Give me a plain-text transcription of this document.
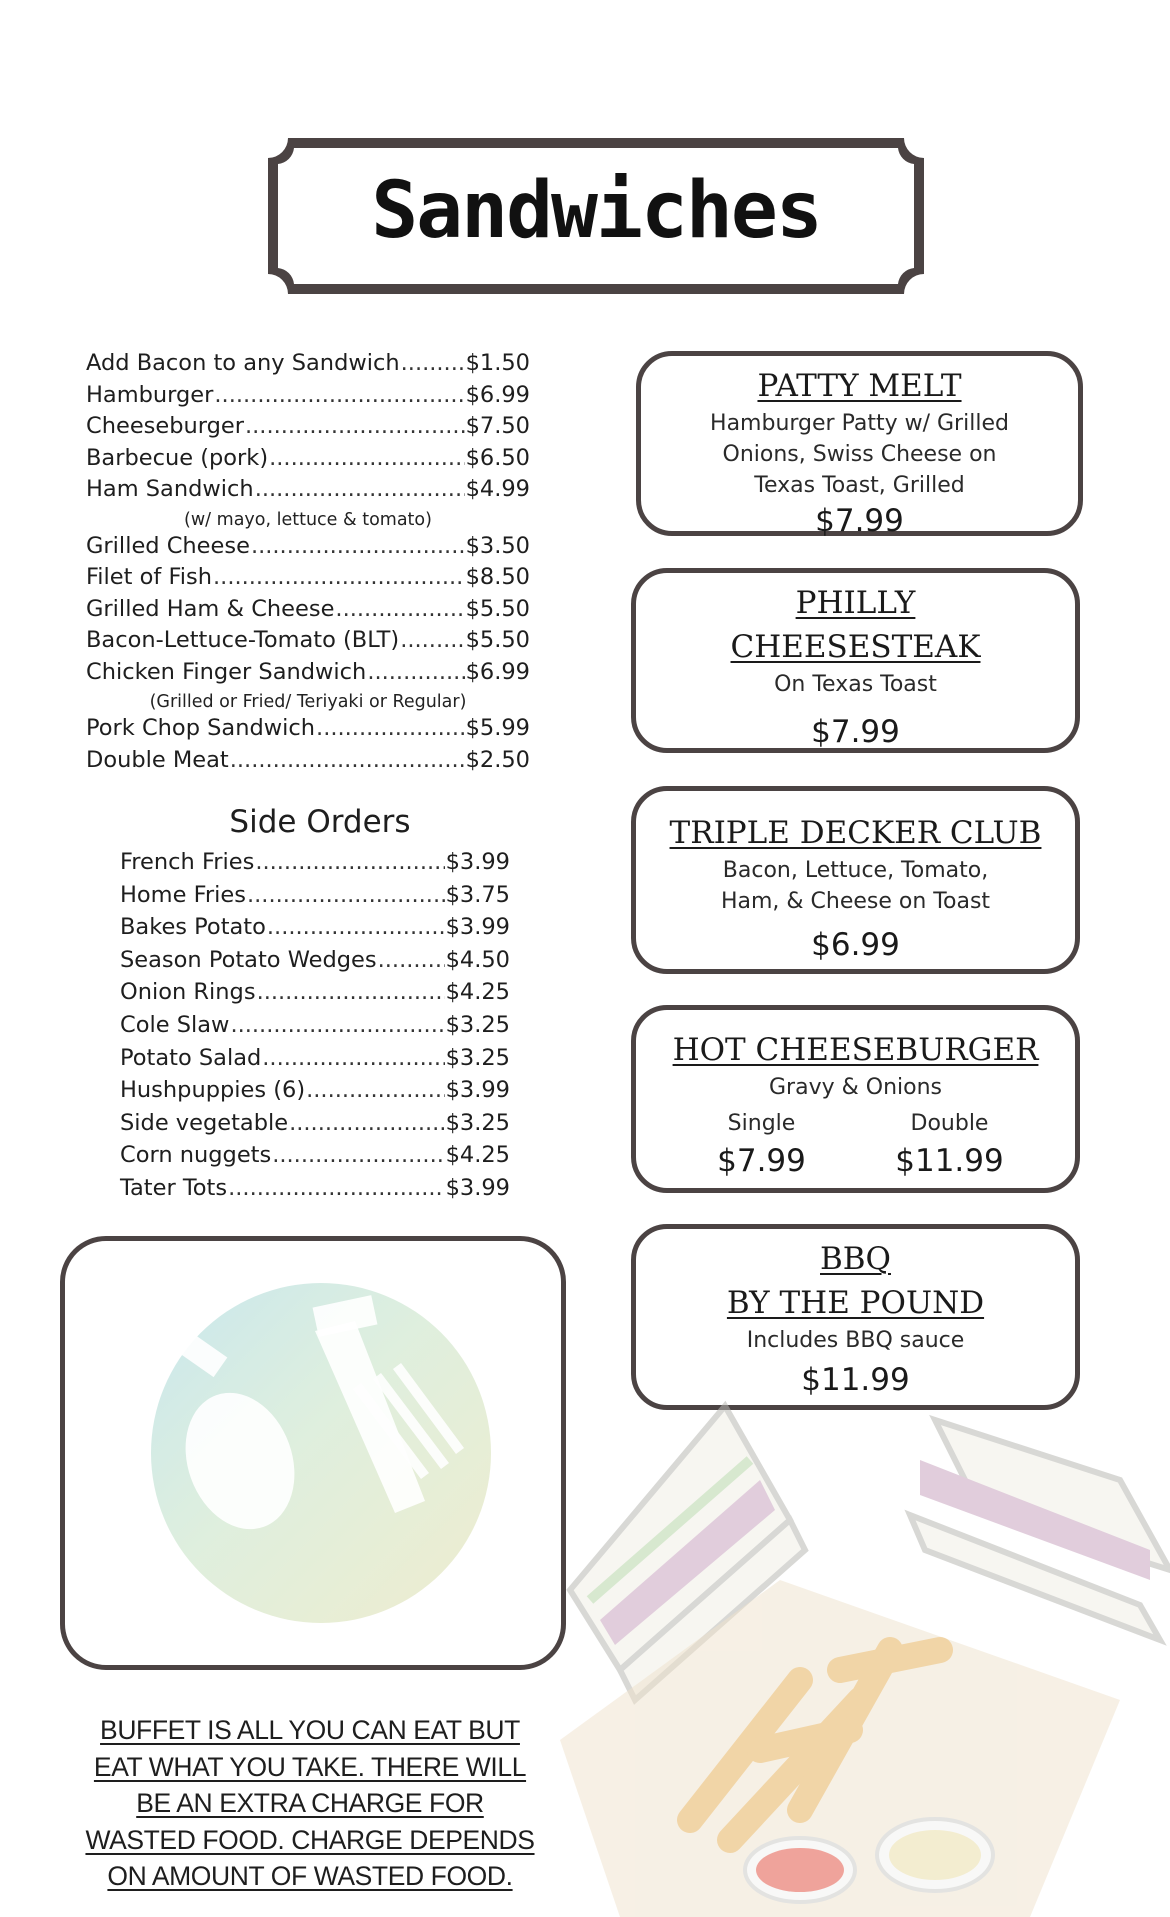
Sandwiches
Add Bacon to any Sandwich .....	$1.50
Hamburger .....	$6.99
Cheeseburger .....	$7.50
Barbecue (pork) .....	$6.50
Ham Sandwich .....	$4.99
(w/ mayo, lettuce & tomato)
Grilled Cheese .....	$3.50
Filet of Fish .....	$8.50
Grilled Ham & Cheese .....	$5.50
Bacon-Lettuce-Tomato (BLT) .....	$5.50
Chicken Finger Sandwich .....	$6.99
(Grilled or Fried/ Teriyaki or Regular)
Pork Chop Sandwich .....	$5.99
Double Meat .....	$2.50
Side Orders
French Fries .....	$3.99
Home Fries .....	$3.75
Bakes Potato .....	$3.99
Season Potato Wedges .....	$4.50
Onion Rings .....	$4.25
Cole Slaw .....	$3.25
Potato Salad .....	$3.25
Hushpuppies (6) .....	$3.99
Side vegetable .....	$3.25
Corn nuggets .....	$4.25
Tater Tots .....	$3.99
PATTY MELT
Hamburger Patty w/ Grilled
Onions, Swiss Cheese on
Texas Toast, Grilled
$7.99
PHILLY
CHEESESTEAK
On Texas Toast
$7.99
TRIPLE DECKER CLUB
Bacon, Lettuce, Tomato,
Ham, & Cheese on Toast
$6.99
HOT CHEESEBURGER
Gravy & Onions
Single
$7.99
Double
$11.99
BBQ
BY THE POUND
Includes BBQ sauce
$11.99
BUFFET IS ALL YOU CAN EAT BUT
EAT WHAT YOU TAKE. THERE WILL
BE AN EXTRA CHARGE FOR
WASTED FOOD. CHARGE DEPENDS
ON AMOUNT OF WASTED FOOD.
